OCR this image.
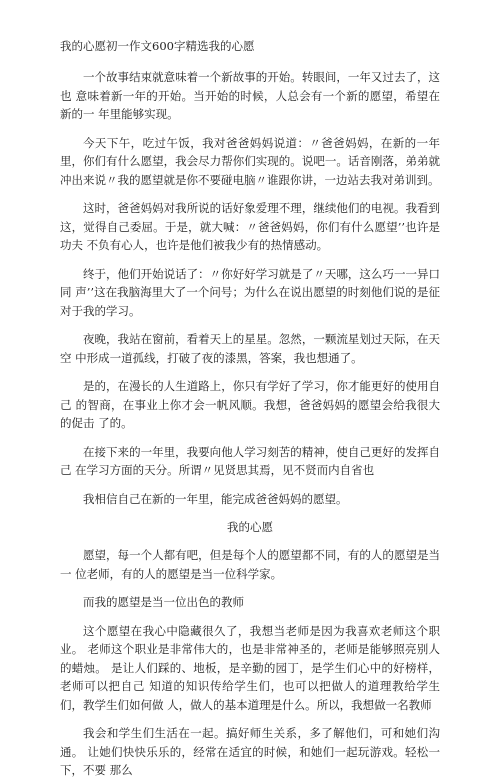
我的心愿初一作文600字精选我的心愿

一个故事结束就意味着一个新故事的开始。转眼间，一年又过去了，这也 意味着新一年的开始。当开始的时候，人总会有一个新的愿望，希望在新的一 年里能够实现。

今天下午，吃过午饭，我对爸爸妈妈说道：〃爸爸妈妈，在新的一年里，你们有什么愿望，我会尽力帮你们实现的。说吧一。话音刚落，弟弟就冲出来说〃我的愿望就是你不要碰电脑〃谁跟你讲，一边站去我对弟训到。

这时，爸爸妈妈对我所说的话好象爱理不理，继续他们的电视。我看到 这，觉得自己委屈。于是，就大喊：〃爸爸妈妈，你们有什么愿望’’也许是功夫 不负有心人，也许是他们被我少有的热情感动。

终于，他们开始说话了：〃你好好学习就是了〃天哪，这么巧一一异口同 声’’这在我脑海里大了一个问号；为什么在说出愿望的时刻他们说的是征对于我的学习。

夜晚，我站在窗前，看着天上的星星。忽然，一颗流星划过天际，在天空 中形成一道孤线，打破了夜的漆黑，答案，我也想通了。

是的，在漫长的人生道路上，你只有学好了学习，你才能更好的使用自己 的智商，在事业上你才会一帆风顺。我想，爸爸妈妈的愿望会给我很大的促击 了的。

在接下来的一年里，我要向他人学习刻苦的精神，使自己更好的发挥自己 在学习方面的天分。所谓〃见贤思其焉，见不贤而内自省也

我相信自己在新的一年里，能完成爸爸妈妈的愿望。

我的心愿

愿望，每一个人都有吧，但是每个人的愿望都不同，有的人的愿望是当一 位老师，有的人的愿望是当一位科学家。

而我的愿望是当一位出色的教师

这个愿望在我心中隐藏很久了，我想当老师是因为我喜欢老师这个职业。 老师这个职业是非常伟大的，也是非常神圣的，老师是能够照亮别人的蜡烛。 是让人们踩的、地板，是辛勤的园丁，是学生们心中的好榜样，老师可以把自己 知道的知识传给学生们，也可以把做人的道理教给学生们，教学生们如何做 人，做人的基本道理是什么。所以，我想做一名教师

我会和学生们生活在一起。搞好师生关系，多了解他们，可和她们沟通。 让她们快快乐乐的，经常在适宜的时候，和她们一起玩游戏。轻松一下，不要 那么
